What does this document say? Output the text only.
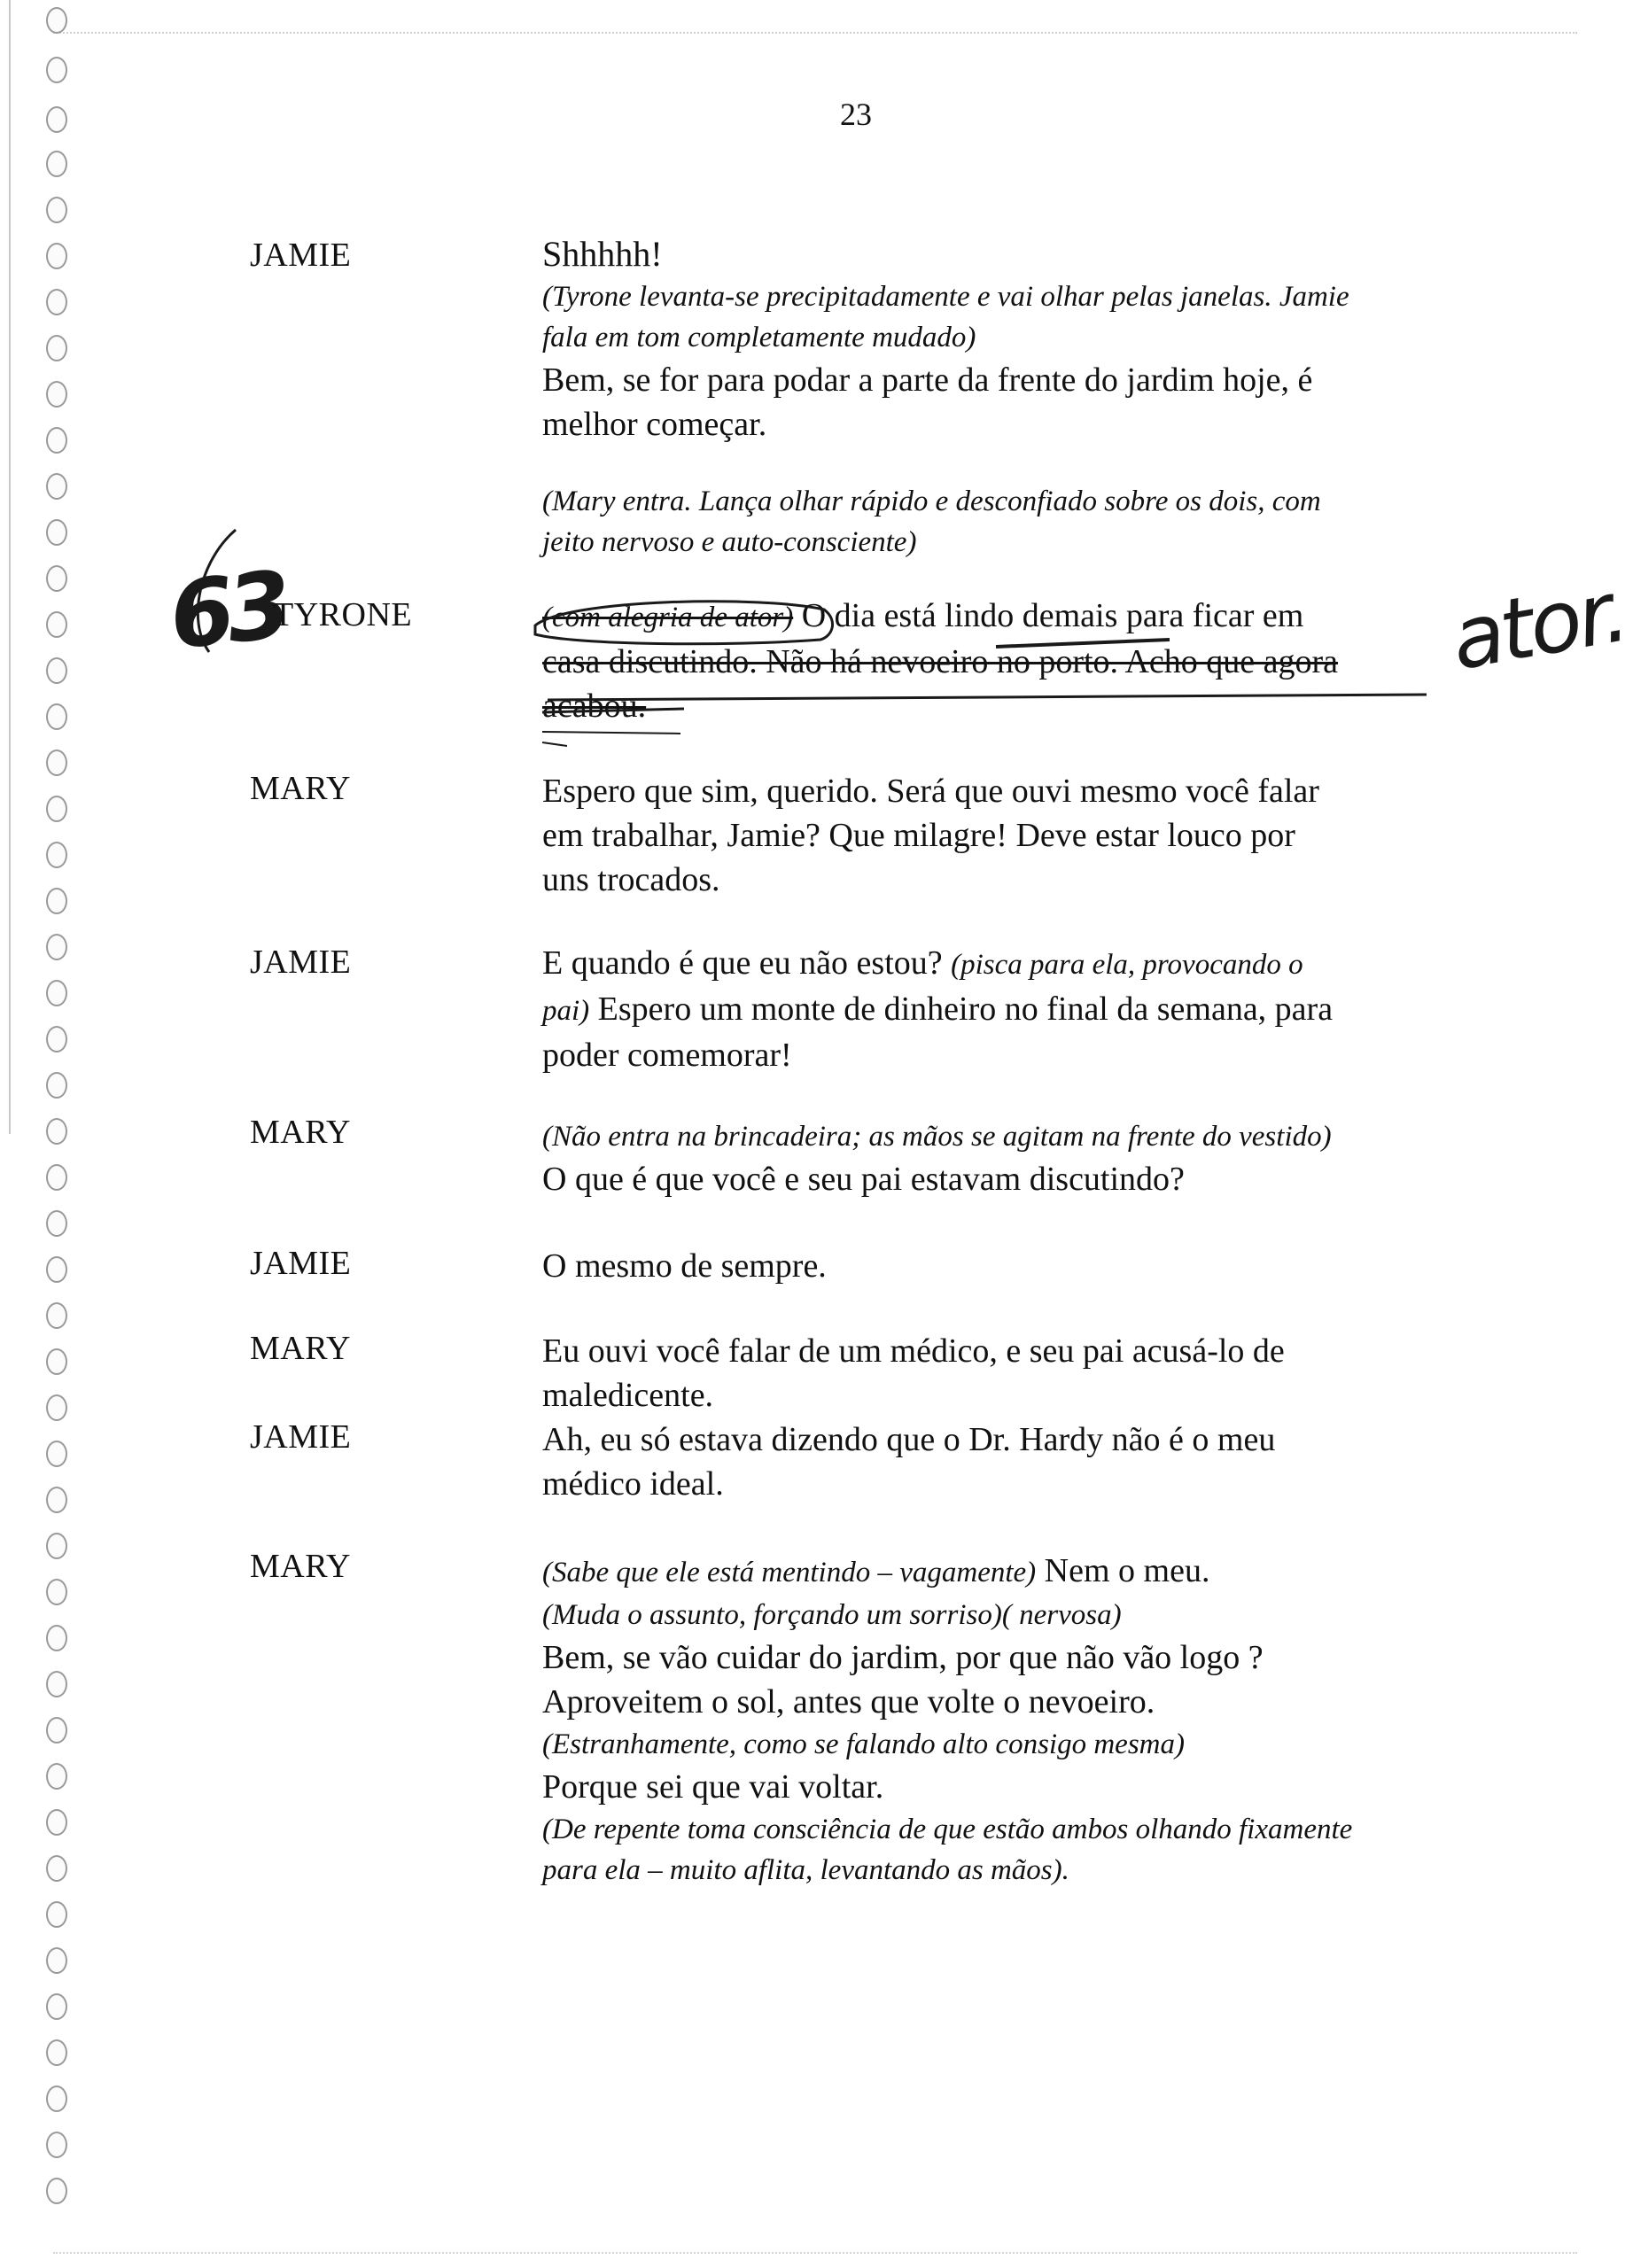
23
JAMIE	Shhhhh!

(Tyrone levanta-se precipitadamente e vai olhar pelas janelas. Jamie

fala em tom completamente mudado)

Bem, se for para podar a parte da frente do jardim hoje, é

melhor começar.

(Mary entra. Lança olhar rápido e desconfiado sobre os dois, com

jeito nervoso e auto-consciente)

63
TYRONE	(com alegria de ator) O dia está lindo demais para ficar em

casa discutindo. Não há nevoeiro no porto. Acho que agora

acabou.

ator.
MARY	Espero que sim, querido. Será que ouvi mesmo você falar

em trabalhar, Jamie? Que milagre! Deve estar louco por

uns trocados.

JAMIE	E quando é que eu não estou? (pisca para ela, provocando o

pai) Espero um monte de dinheiro no final da semana, para

poder comemorar!

MARY	(Não entra na brincadeira; as mãos se agitam na frente do vestido)

O que é que você e seu pai estavam discutindo?

JAMIE	O mesmo de sempre.

MARY	Eu ouvi você falar de um médico, e seu pai acusá-lo de

maledicente.

JAMIE	Ah, eu só estava dizendo que o Dr. Hardy não é o meu

médico ideal.

MARY	(Sabe que ele está mentindo – vagamente) Nem o meu.

(Muda o assunto, forçando um sorriso)( nervosa)

Bem, se vão cuidar do jardim, por que não vão logo ?

Aproveitem o sol, antes que volte o nevoeiro.

(Estranhamente, como se falando alto consigo mesma)

Porque sei que vai voltar.

(De repente toma consciência de que estão ambos olhando fixamente

para ela – muito aflita, levantando as mãos).
